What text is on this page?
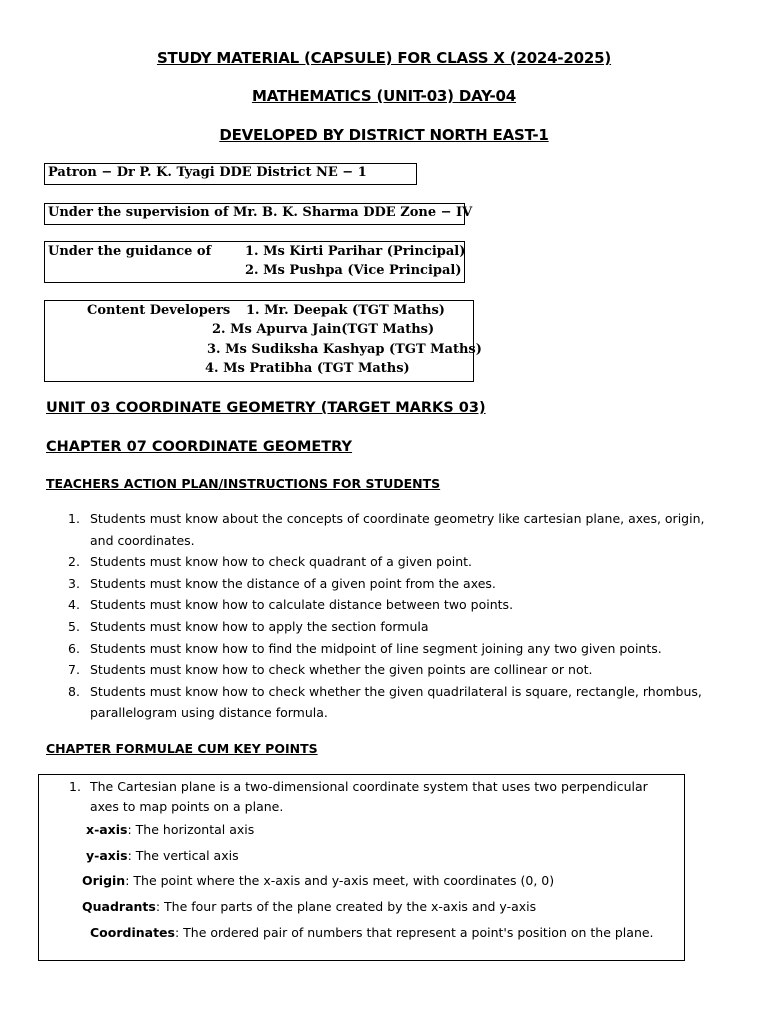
STUDY MATERIAL (CAPSULE) FOR CLASS X (2024-2025)
MATHEMATICS (UNIT-03) DAY-04
DEVELOPED BY DISTRICT NORTH EAST-1
Patron − Dr P. K. Tyagi DDE District NE − 1
Under the supervision of Mr. B. K. Sharma DDE Zone − IV
Under the guidance of	1. Ms Kirti Parihar (Principal)
2. Ms Pushpa (Vice Principal)
Content Developers 1. Mr. Deepak (TGT Maths)
2. Ms Apurva Jain(TGT Maths)
3. Ms Sudiksha Kashyap (TGT Maths)
4. Ms Pratibha (TGT Maths)
UNIT 03 COORDINATE GEOMETRY (TARGET MARKS 03)
CHAPTER 07 COORDINATE GEOMETRY
TEACHERS ACTION PLAN/INSTRUCTIONS FOR STUDENTS
1. Students must know about the concepts of coordinate geometry like cartesian plane, axes, origin, and coordinates.
2. Students must know how to check quadrant of a given point.
3. Students must know the distance of a given point from the axes.
4. Students must know how to calculate distance between two points.
5. Students must know how to apply the section formula
6. Students must know how to find the midpoint of line segment joining any two given points.
7. Students must know how to check whether the given points are collinear or not.
8. Students must know how to check whether the given quadrilateral is square, rectangle, rhombus, parallelogram using distance formula.
CHAPTER FORMULAE CUM KEY POINTS
1. The Cartesian plane is a two-dimensional coordinate system that uses two perpendicular axes to map points on a plane.
x-axis: The horizontal axis
y-axis: The vertical axis
Origin: The point where the x-axis and y-axis meet, with coordinates (0, 0)
Quadrants: The four parts of the plane created by the x-axis and y-axis
Coordinates: The ordered pair of numbers that represent a point's position on the plane.
